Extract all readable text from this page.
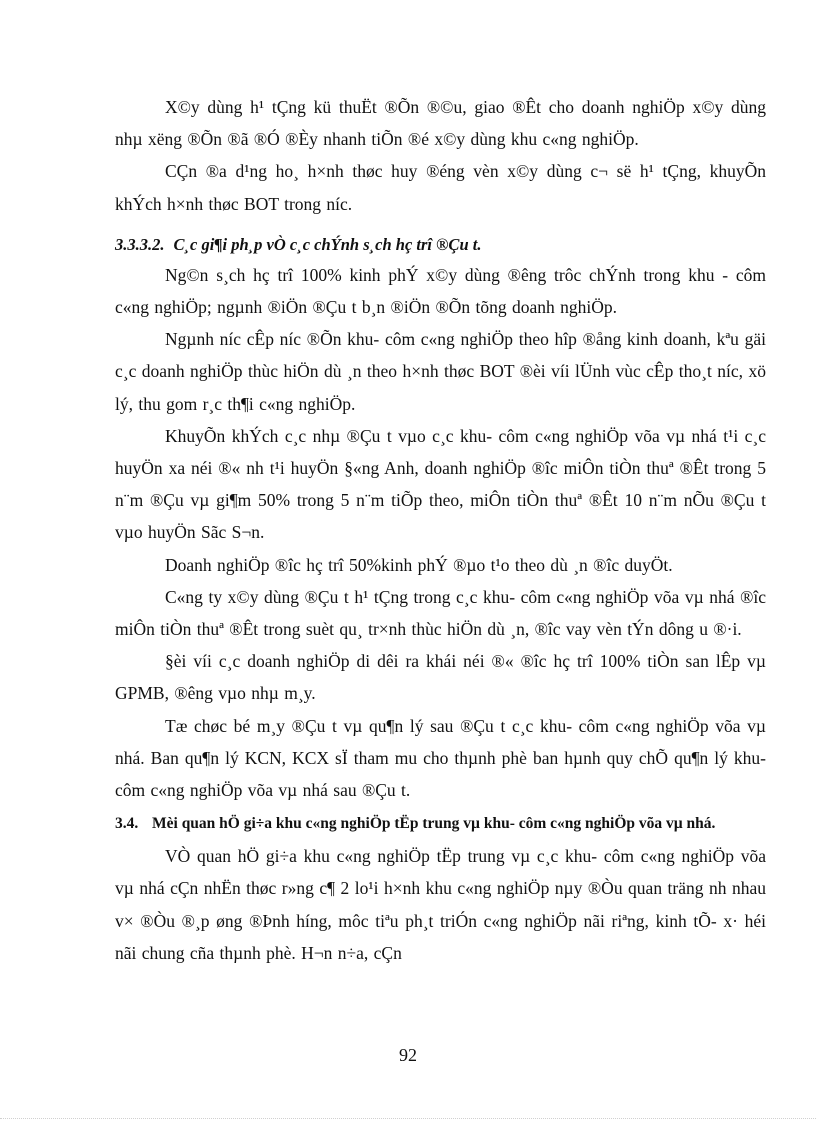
X©y dùng h¹ tÇng kü thuËt ®Õn ®©u, giao ®Êt cho doanh nghiÖp x©y dùng nhµ xëng ®Õn ®ã ®Ó ®Èy nhanh tiÕn ®é x©y dùng khu c«ng nghiÖp.

CÇn ®a d¹ng ho¸ h×nh thøc huy ®éng vèn x©y dùng c¬ së h¹ tÇng, khuyÕn khÝch h×nh thøc BOT trong níc.

3.3.3.2. C¸c gi¶i ph¸p vÒ c¸c chÝnh s¸ch hç trî ®Çu t.

Ng©n s¸ch hç trî 100% kinh phÝ x©y dùng ®êng trôc chÝnh trong khu - côm c«ng nghiÖp; ngµnh ®iÖn ®Çu t b¸n ®iÖn ®Õn tõng doanh nghiÖp.

Ngµnh níc cÊp níc ®Õn khu- côm c«ng nghiÖp theo hîp ®ång kinh doanh, kªu gäi c¸c doanh nghiÖp thùc hiÖn dù ¸n theo h×nh thøc BOT ®èi víi lÜnh vùc cÊp tho¸t níc, xö lý, thu gom r¸c th¶i c«ng nghiÖp.

KhuyÕn khÝch c¸c nhµ ®Çu t vµo c¸c khu- côm c«ng nghiÖp võa vµ nhá t¹i c¸c huyÖn xa néi ®« nh t¹i huyÖn §«ng Anh, doanh nghiÖp ®îc miÔn tiÒn thuª ®Êt trong 5 n¨m ®Çu vµ gi¶m 50% trong 5 n¨m tiÕp theo, miÔn tiÒn thuª ®Êt 10 n¨m nÕu ®Çu t vµo huyÖn Sãc S¬n.

Doanh nghiÖp ®îc hç trî 50%kinh phÝ ®µo t¹o theo dù ¸n ®îc duyÖt.

C«ng ty x©y dùng ®Çu t h¹ tÇng trong c¸c khu- côm c«ng nghiÖp võa vµ nhá ®îc miÔn tiÒn thuª ®Êt trong suèt qu¸ tr×nh thùc hiÖn dù ¸n, ®îc vay vèn tÝn dông u ®·i.

§èi víi c¸c doanh nghiÖp di dêi ra khái néi ®« ®îc hç trî 100% tiÒn san lÊp vµ GPMB, ®êng vµo nhµ m¸y.

Tæ chøc bé m¸y ®Çu t vµ qu¶n lý sau ®Çu t c¸c khu- côm c«ng nghiÖp võa vµ nhá. Ban qu¶n lý KCN, KCX sÏ tham mu cho thµnh phè ban hµnh quy chÕ qu¶n lý khu- côm c«ng nghiÖp võa vµ nhá sau ®Çu t.

3.4. Mèi quan hÖ gi÷a khu c«ng nghiÖp tËp trung vµ khu- côm c«ng nghiÖp võa vµ nhá.

VÒ quan hÖ gi÷a khu c«ng nghiÖp tËp trung vµ c¸c khu- côm c«ng nghiÖp võa vµ nhá cÇn nhËn thøc r»ng c¶ 2 lo¹i h×nh khu c«ng nghiÖp nµy ®Òu quan träng nh nhau v× ®Òu ®¸p øng ®Þnh híng, môc tiªu ph¸t triÓn c«ng nghiÖp nãi riªng, kinh tÕ- x· héi nãi chung cña thµnh phè. H¬n n÷a, cÇn

92
